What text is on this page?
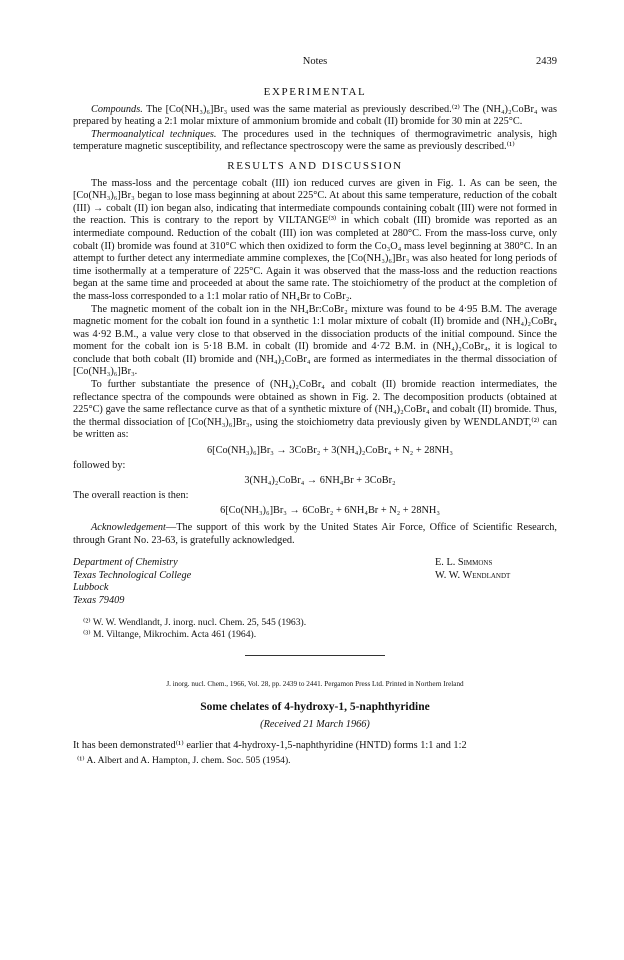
Notes	2439
EXPERIMENTAL

Compounds. The [Co(NH₃)₆]Br₃ used was the same material as previously described.⁽²⁾ The (NH₄)₂CoBr₄ was prepared by heating a 2:1 molar mixture of ammonium bromide and cobalt (II) bromide for 30 min at 225°C.

Thermoanalytical techniques. The procedures used in the techniques of thermogravimetric analysis, high temperature magnetic susceptibility, and reflectance spectroscopy were the same as previously described.⁽¹⁾

RESULTS AND DISCUSSION

The mass-loss and the percentage cobalt (III) ion reduced curves are given in Fig. 1. As can be seen, the [Co(NH₃)₆]Br₃ began to lose mass beginning at about 225°C. At about this same temperature, reduction of the cobalt (III) → cobalt (II) ion began also, indicating that intermediate compounds containing cobalt (III) were not formed in the reaction. This is contrary to the report by VILTANGE⁽³⁾ in which cobalt (III) bromide was reported as an intermediate compound. Reduction of the cobalt (III) ion was completed at 280°C. From the mass-loss curve, only cobalt (II) bromide was found at 310°C which then oxidized to form the Co₃O₄ mass level beginning at 380°C. In an attempt to further detect any intermediate ammine complexes, the [Co(NH₃)₆]Br₃ was also heated for long periods of time isothermally at a temperature of 225°C. Again it was observed that the mass-loss and the reduction reactions began at the same time and proceeded at about the same rate. The stoichiometry of the product at the completion of the mass-loss corresponded to a 1:1 molar ratio of NH₄Br to CoBr₂.

The magnetic moment of the cobalt ion in the NH₄Br:CoBr₂ mixture was found to be 4·95 B.M. The average magnetic moment for the cobalt ion found in a synthetic 1:1 molar mixture of cobalt (II) bromide and (NH₄)₂CoBr₄ was 4·92 B.M., a value very close to that observed in the dissociation products of the initial compound. Since the moment for the cobalt ion is 5·18 B.M. in cobalt (II) bromide and 4·72 B.M. in (NH₄)₂CoBr₄, it is logical to conclude that both cobalt (II) bromide and (NH₄)₂CoBr₄ are formed as intermediates in the thermal dissociation of [Co(NH₃)₆]Br₃.

To further substantiate the presence of (NH₄)₂CoBr₄ and cobalt (II) bromide reaction intermediates, the reflectance spectra of the compounds were obtained as shown in Fig. 2. The decomposition products (obtained at 225°C) gave the same reflectance curve as that of a synthetic mixture of (NH₄)₂CoBr₄ and cobalt (II) bromide. Thus, the thermal dissociation of [Co(NH₃)₆]Br₃, using the stoichiometry data previously given by WENDLANDT,⁽²⁾ can be written as:

6[Co(NH₃)₆]Br₃ → 3CoBr₂ + 3(NH₄)₂CoBr₄ + N₂ + 28NH₃

followed by:

3(NH₄)₂CoBr₄ → 6NH₄Br + 3CoBr₂

The overall reaction is then:

6[Co(NH₃)₆]Br₃ → 6CoBr₂ + 6NH₄Br + N₂ + 28NH₃

Acknowledgement—The support of this work by the United States Air Force, Office of Scientific Research, through Grant No. 23-63, is gratefully acknowledged.

Department of Chemistry
Texas Technological College
Lubbock
Texas 79409
E. L. Simmons
W. W. Wendlandt
⁽²⁾ W. W. Wendlandt, J. inorg. nucl. Chem. 25, 545 (1963).
⁽³⁾ M. Viltange, Mikrochim. Acta 461 (1964).
J. inorg. nucl. Chem., 1966, Vol. 28, pp. 2439 to 2441. Pergamon Press Ltd. Printed in Northern Ireland
Some chelates of 4-hydroxy-1, 5-naphthyridine
(Received 21 March 1966)

It has been demonstrated⁽¹⁾ earlier that 4-hydroxy-1,5-naphthyridine (HNTD) forms 1:1 and 1:2

⁽¹⁾ A. Albert and A. Hampton, J. chem. Soc. 505 (1954).
